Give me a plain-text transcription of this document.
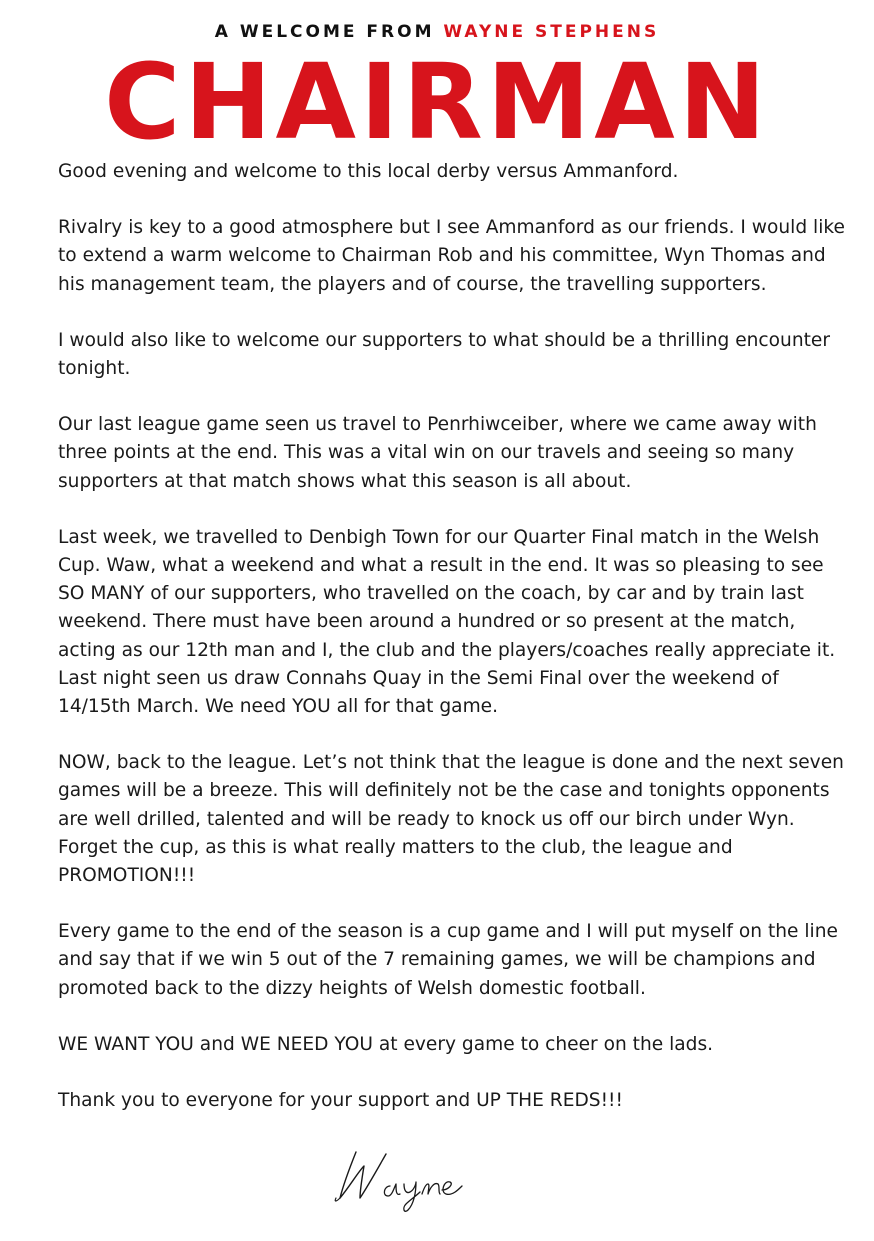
A WELCOME FROM WAYNE STEPHENS
CHAIRMAN

Good evening and welcome to this local derby versus Ammanford.

Rivalry is key to a good atmosphere but I see Ammanford as our friends. I would like to extend a warm welcome to Chairman Rob and his committee, Wyn Thomas and his management team, the players and of course, the travelling supporters.

I would also like to welcome our supporters to what should be a thrilling encounter tonight.

Our last league game seen us travel to Penrhiwceiber, where we came away with three points at the end. This was a vital win on our travels and seeing so many supporters at that match shows what this season is all about.

Last week, we travelled to Denbigh Town for our Quarter Final match in the Welsh Cup. Waw, what a weekend and what a result in the end. It was so pleasing to see SO MANY of our supporters, who travelled on the coach, by car and by train last weekend. There must have been around a hundred or so present at the match, acting as our 12th man and I, the club and the players/coaches really appreciate it. Last night seen us draw Connahs Quay in the Semi Final over the weekend of 14/15th March. We need YOU all for that game.

NOW, back to the league. Let’s not think that the league is done and the next seven games will be a breeze. This will definitely not be the case and tonights opponents are well drilled, talented and will be ready to knock us off our birch under Wyn. Forget the cup, as this is what really matters to the club, the league and PROMOTION!!!

Every game to the end of the season is a cup game and I will put myself on the line and say that if we win 5 out of the 7 remaining games, we will be champions and promoted back to the dizzy heights of Welsh domestic football.

WE WANT YOU and WE NEED YOU at every game to cheer on the lads.

Thank you to everyone for your support and UP THE REDS!!!
